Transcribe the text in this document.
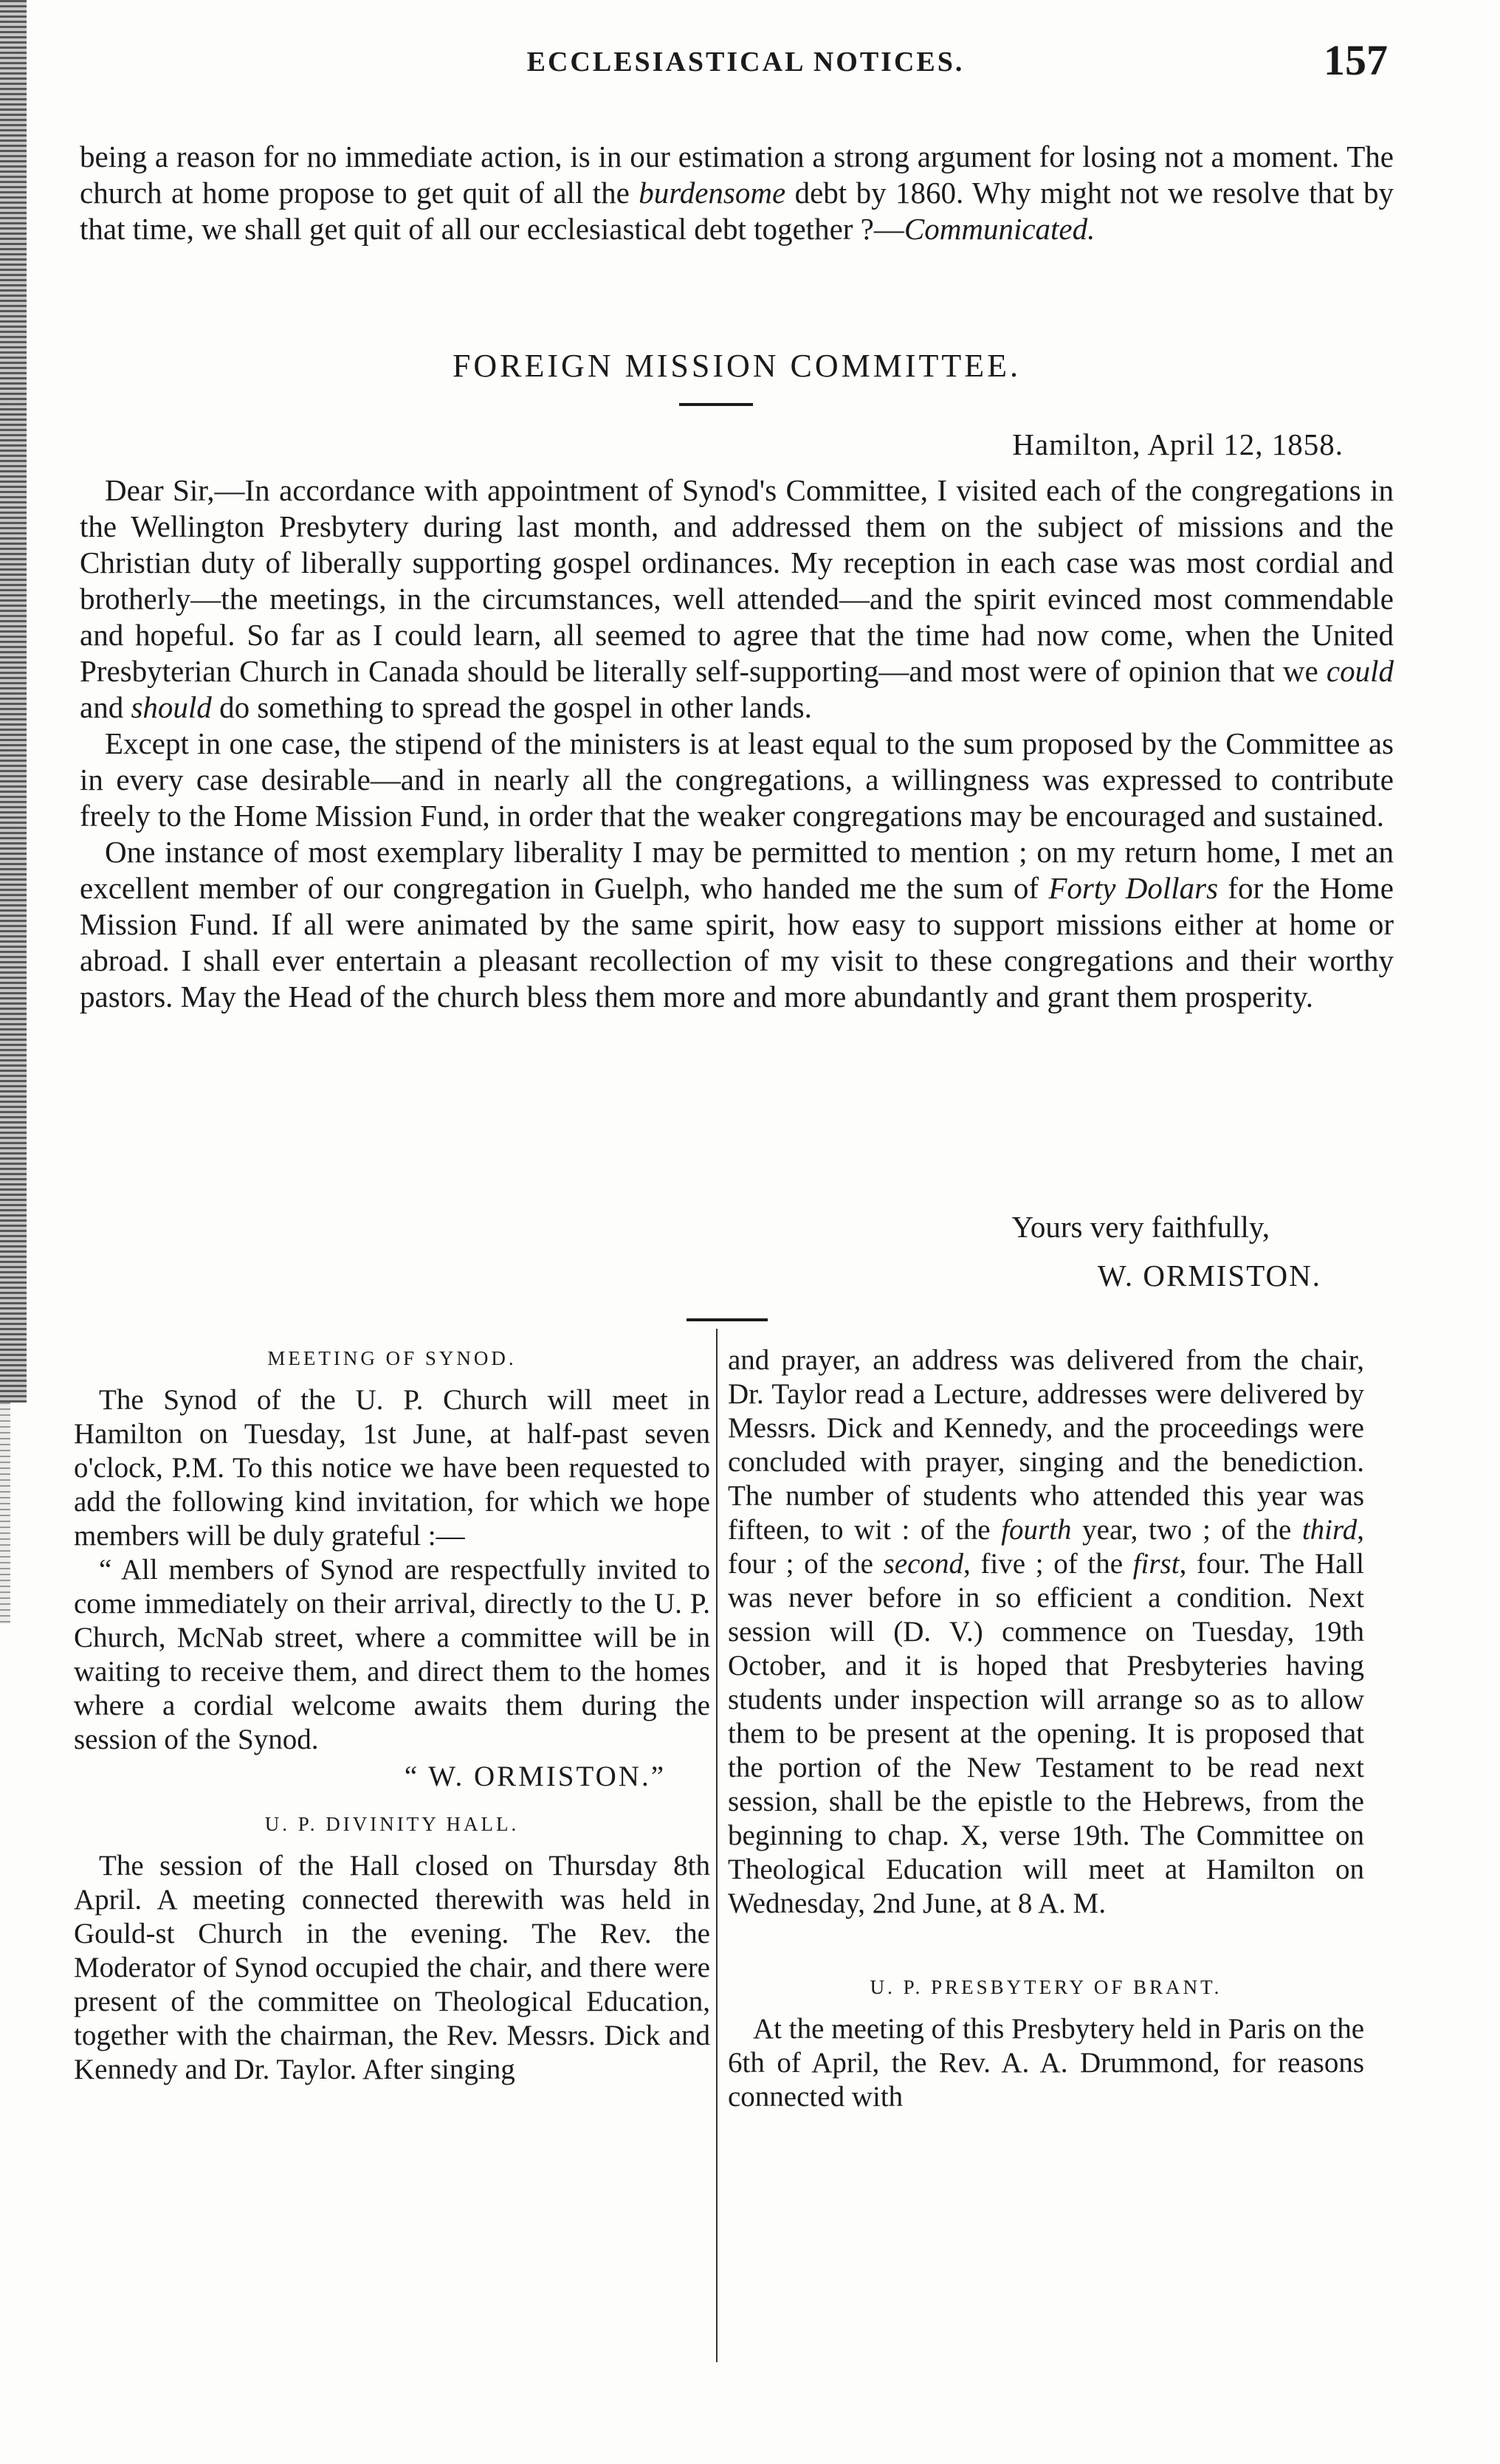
ECCLESIASTICAL NOTICES.	157

being a reason for no immediate action, is in our estimation a strong argument for losing not a moment. The church at home propose to get quit of all the burdensome debt by 1860. Why might not we resolve that by that time, we shall get quit of all our ecclesiastical debt together ?—Communicated.

FOREIGN MISSION COMMITTEE.
Hamilton, April 12, 1858.

Dear Sir,—In accordance with appointment of Synod's Committee, I visited each of the congregations in the Wellington Presbytery during last month, and addressed them on the subject of missions and the Christian duty of liberally supporting gospel ordinances. My reception in each case was most cordial and brotherly—the meetings, in the circumstances, well attended—and the spirit evinced most commendable and hopeful. So far as I could learn, all seemed to agree that the time had now come, when the United Presbyterian Church in Canada should be literally self-supporting—and most were of opinion that we could and should do something to spread the gospel in other lands.

Except in one case, the stipend of the ministers is at least equal to the sum proposed by the Committee as in every case desirable—and in nearly all the congregations, a willingness was expressed to contribute freely to the Home Mission Fund, in order that the weaker congregations may be encouraged and sustained.

One instance of most exemplary liberality I may be permitted to mention ; on my return home, I met an excellent member of our congregation in Guelph, who handed me the sum of Forty Dollars for the Home Mission Fund. If all were animated by the same spirit, how easy to support missions either at home or abroad. I shall ever entertain a pleasant recollection of my visit to these congregations and their worthy pastors. May the Head of the church bless them more and more abundantly and grant them prosperity.

Yours very faithfully,
W. ORMISTON.
MEETING OF SYNOD.

The Synod of the U. P. Church will meet in Hamilton on Tuesday, 1st June, at half-past seven o'clock, P.M. To this notice we have been requested to add the following kind invitation, for which we hope members will be duly grateful :—

“ All members of Synod are respectfully invited to come immediately on their arrival, directly to the U. P. Church, McNab street, where a committee will be in waiting to receive them, and direct them to the homes where a cordial welcome awaits them during the session of the Synod.

“ W. ORMISTON.”
U. P. DIVINITY HALL.

The session of the Hall closed on Thursday 8th April. A meeting connected therewith was held in Gould-st Church in the evening. The Rev. the Moderator of Synod occupied the chair, and there were present of the committee on Theological Education, together with the chairman, the Rev. Messrs. Dick and Kennedy and Dr. Taylor. After singing

and prayer, an address was delivered from the chair, Dr. Taylor read a Lecture, addresses were delivered by Messrs. Dick and Kennedy, and the proceedings were concluded with prayer, singing and the benediction. The number of students who attended this year was fifteen, to wit : of the fourth year, two ; of the third, four ; of the second, five ; of the first, four. The Hall was never before in so efficient a condition. Next session will (D. V.) commence on Tuesday, 19th October, and it is hoped that Presbyteries having students under inspection will arrange so as to allow them to be present at the opening. It is proposed that the portion of the New Testament to be read next session, shall be the epistle to the Hebrews, from the beginning to chap. X, verse 19th. The Committee on Theological Education will meet at Hamilton on Wednesday, 2nd June, at 8 A. M.

U. P. PRESBYTERY OF BRANT.

At the meeting of this Presbytery held in Paris on the 6th of April, the Rev. A. A. Drummond, for reasons connected with
